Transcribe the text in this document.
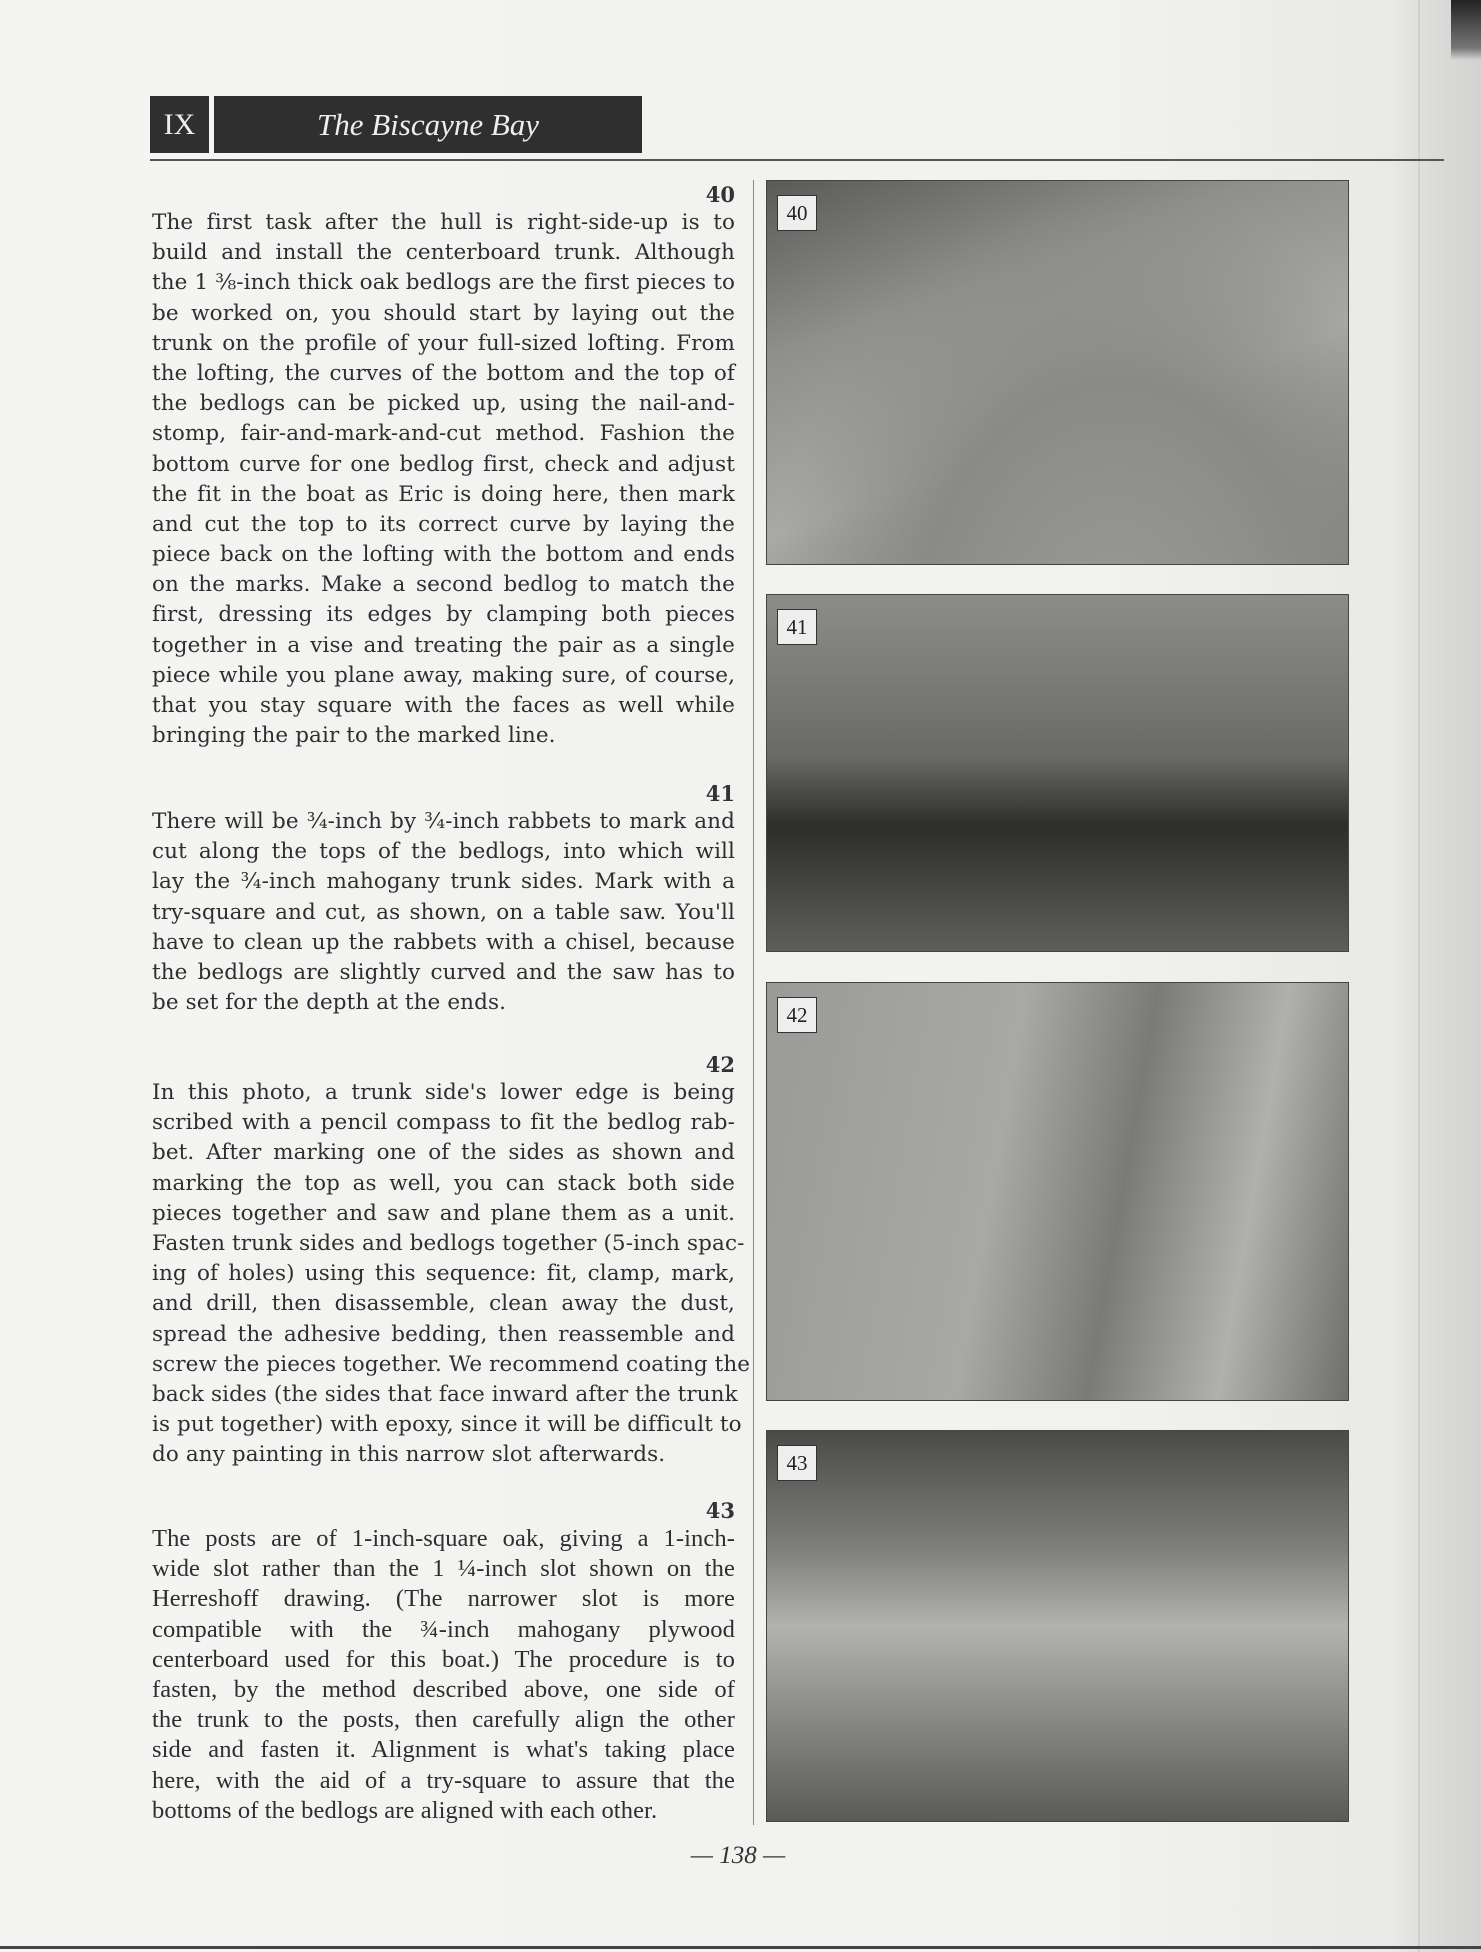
IX	The Biscayne Bay
40
The first task after the hull is right-side-up is to
build and install the centerboard trunk. Although
the 1 ⅜-inch thick oak bedlogs are the first pieces to
be worked on, you should start by laying out the
trunk on the profile of your full-sized lofting. From
the lofting, the curves of the bottom and the top of
the bedlogs can be picked up, using the nail-and-
stomp, fair-and-mark-and-cut method. Fashion the
bottom curve for one bedlog first, check and adjust
the fit in the boat as Eric is doing here, then mark
and cut the top to its correct curve by laying the
piece back on the lofting with the bottom and ends
on the marks. Make a second bedlog to match the
first, dressing its edges by clamping both pieces
together in a vise and treating the pair as a single
piece while you plane away, making sure, of course,
that you stay square with the faces as well while
bringing the pair to the marked line.
41
There will be ¾-inch by ¾-inch rabbets to mark and
cut along the tops of the bedlogs, into which will
lay the ¾-inch mahogany trunk sides. Mark with a
try-square and cut, as shown, on a table saw. You'll
have to clean up the rabbets with a chisel, because
the bedlogs are slightly curved and the saw has to
be set for the depth at the ends.
42
In this photo, a trunk side's lower edge is being
scribed with a pencil compass to fit the bedlog rab-
bet. After marking one of the sides as shown and
marking the top as well, you can stack both side
pieces together and saw and plane them as a unit.
Fasten trunk sides and bedlogs together (5-inch spac-
ing of holes) using this sequence: fit, clamp, mark,
and drill, then disassemble, clean away the dust,
spread the adhesive bedding, then reassemble and
screw the pieces together. We recommend coating the
back sides (the sides that face inward after the trunk
is put together) with epoxy, since it will be difficult to
do any painting in this narrow slot afterwards.
43
The posts are of 1-inch-square oak, giving a 1-inch-
wide slot rather than the 1 ¼-inch slot shown on the
Herreshoff drawing. (The narrower slot is more
compatible with the ¾-inch mahogany plywood
centerboard used for this boat.) The procedure is to
fasten, by the method described above, one side of
the trunk to the posts, then carefully align the other
side and fasten it. Alignment is what's taking place
here, with the aid of a try-square to assure that the
bottoms of the bedlogs are aligned with each other.
40
41
42
43
— 138 —
